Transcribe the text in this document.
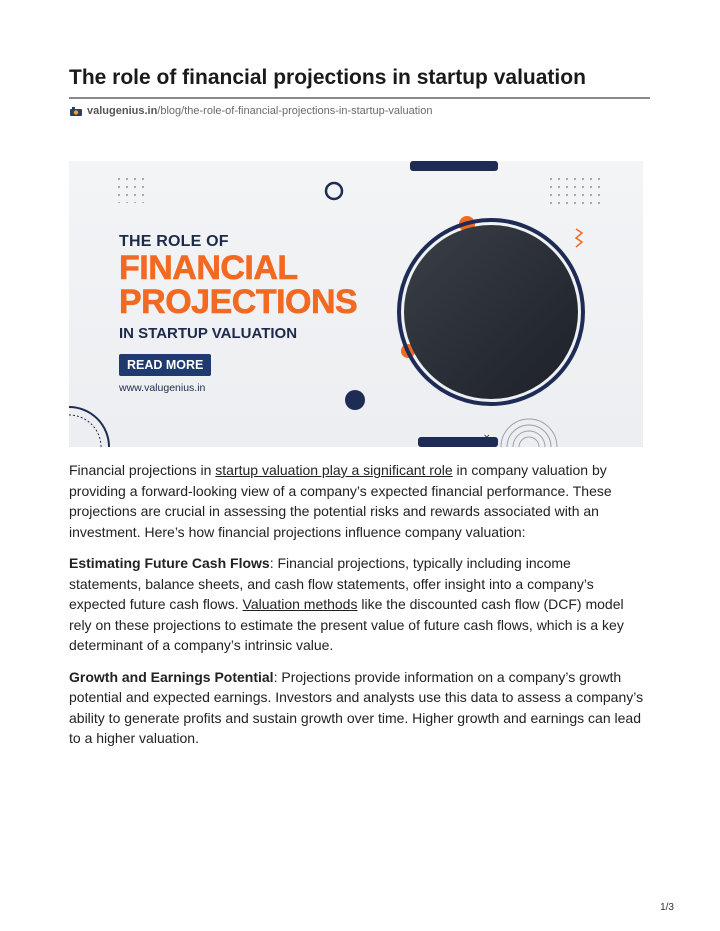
The role of financial projections in startup valuation
valugenius.in/blog/the-role-of-financial-projections-in-startup-valuation
×
THE ROLE OF
FINANCIAL
PROJECTIONS
IN STARTUP VALUATION
READ MORE
www.valugenius.in

Financial projections in startup valuation play a significant role in company valuation by providing a forward-looking view of a company’s expected financial performance. These projections are crucial in assessing the potential risks and rewards associated with an investment. Here’s how financial projections influence company valuation:

Estimating Future Cash Flows: Financial projections, typically including income statements, balance sheets, and cash flow statements, offer insight into a company’s expected future cash flows. Valuation methods like the discounted cash flow (DCF) model rely on these projections to estimate the present value of future cash flows, which is a key determinant of a company’s intrinsic value.

Growth and Earnings Potential: Projections provide information on a company’s growth potential and expected earnings. Investors and analysts use this data to assess a company’s ability to generate profits and sustain growth over time. Higher growth and earnings can lead to a higher valuation.

1/3
